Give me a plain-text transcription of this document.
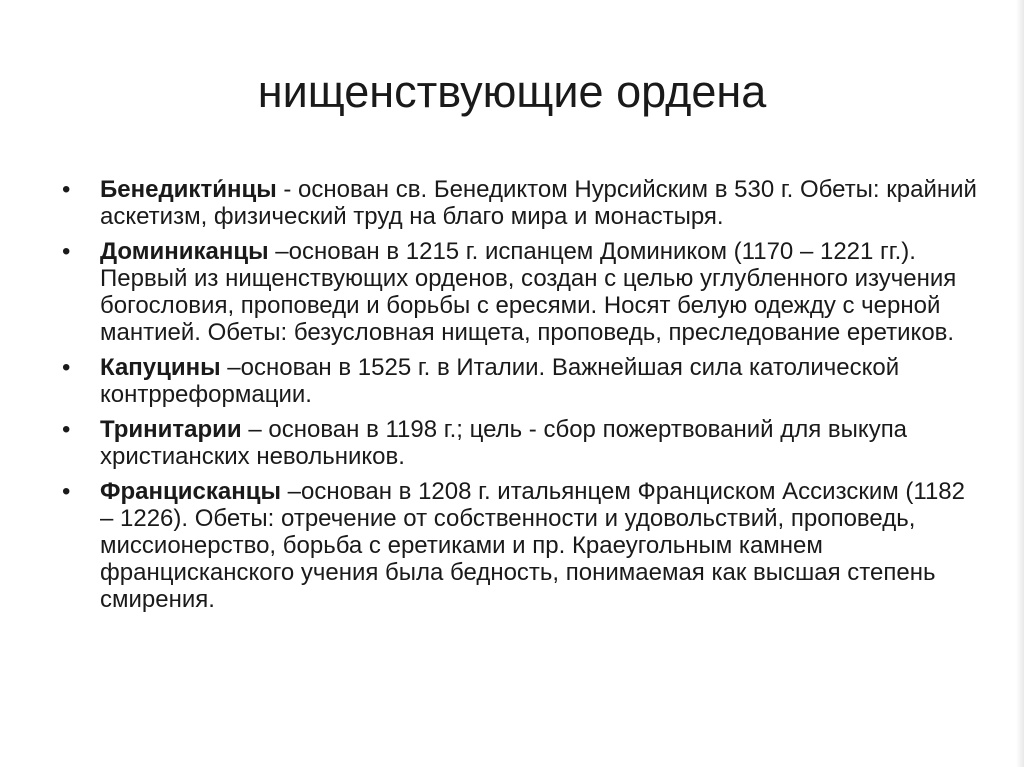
нищенствующие ордена
• Бенедикти́нцы - основан св. Бенедиктом Нурсийским в 530 г. Обеты: крайний аскетизм, физический труд на благо мира и монастыря.
• Доминиканцы –основан в 1215 г. испанцем Домиником (1170 – 1221 гг.). Первый из нищенствующих орденов, создан с целью углубленного изучения богословия, проповеди и борьбы с ересями. Носят белую одежду с черной мантией. Обеты: безусловная нищета, проповедь, преследование еретиков.
• Капуцины –основан в 1525 г. в Италии. Важнейшая сила католической контрреформации.
• Тринитарии – основан в 1198 г.; цель - сбор пожертвований для выкупа христианских невольников.
• Францисканцы –основан в 1208 г. итальянцем Франциском Ассизским (1182 – 1226). Обеты: отречение от собственности и удовольствий, проповедь, миссионерство, борьба с еретиками и пр. Краеугольным камнем францисканского учения была бедность, понимаемая как высшая степень смирения.
